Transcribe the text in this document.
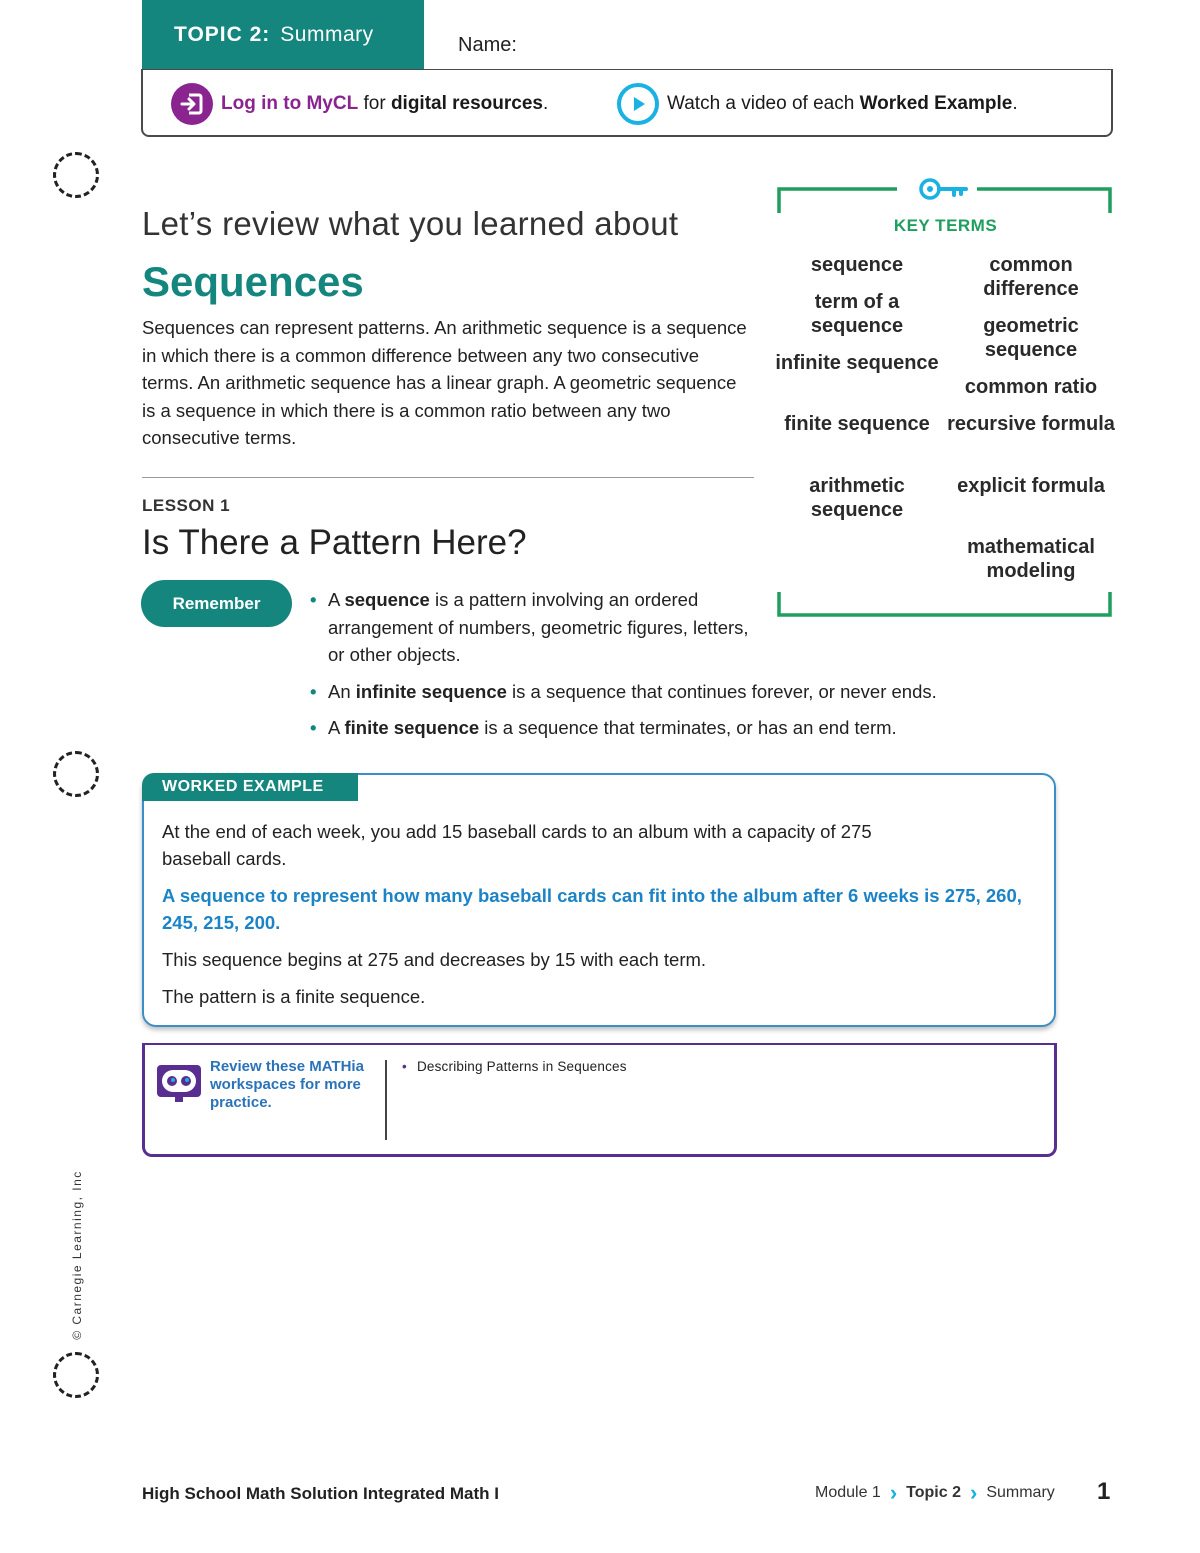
TOPIC 2: Summary	Name:
Log in to MyCL for digital resources .	Watch a video of each Worked Example .
Let’s review what you learned about
Sequences
Sequences can represent patterns. An arithmetic sequence is a sequence in which there is a common difference between any two consecutive terms. An arithmetic sequence has a linear graph. A geometric sequence is a sequence in which there is a common ratio between any two consecutive terms.
KEY TERMS
sequence
term of a sequence
infinite sequence
finite sequence
arithmetic sequence
common difference
geometric sequence
common ratio
recursive formula
explicit formula
mathematical modeling
LESSON 1
Is There a Pattern Here?
Remember
•	A sequence is a pattern involving an ordered arrangement of numbers, geometric figures, letters, or other objects.
• An infinite sequence is a sequence that continues forever, or never ends.
• A finite sequence is a sequence that terminates, or has an end term.
WORKED EXAMPLE

At the end of each week, you add 15 baseball cards to an album with a capacity of 275 baseball cards.

A sequence to represent how many baseball cards can fit into the album after 6 weeks is 275, 260, 245, 215, 200.

This sequence begins at 275 and decreases by 15 with each term.

The pattern is a finite sequence.

Review these MATHia workspaces for more practice.
• Describing Patterns in Sequences
© Carnegie Learning, Inc
High School Math Solution Integrated Math I	Module 1 › Topic 2 › Summary 1
